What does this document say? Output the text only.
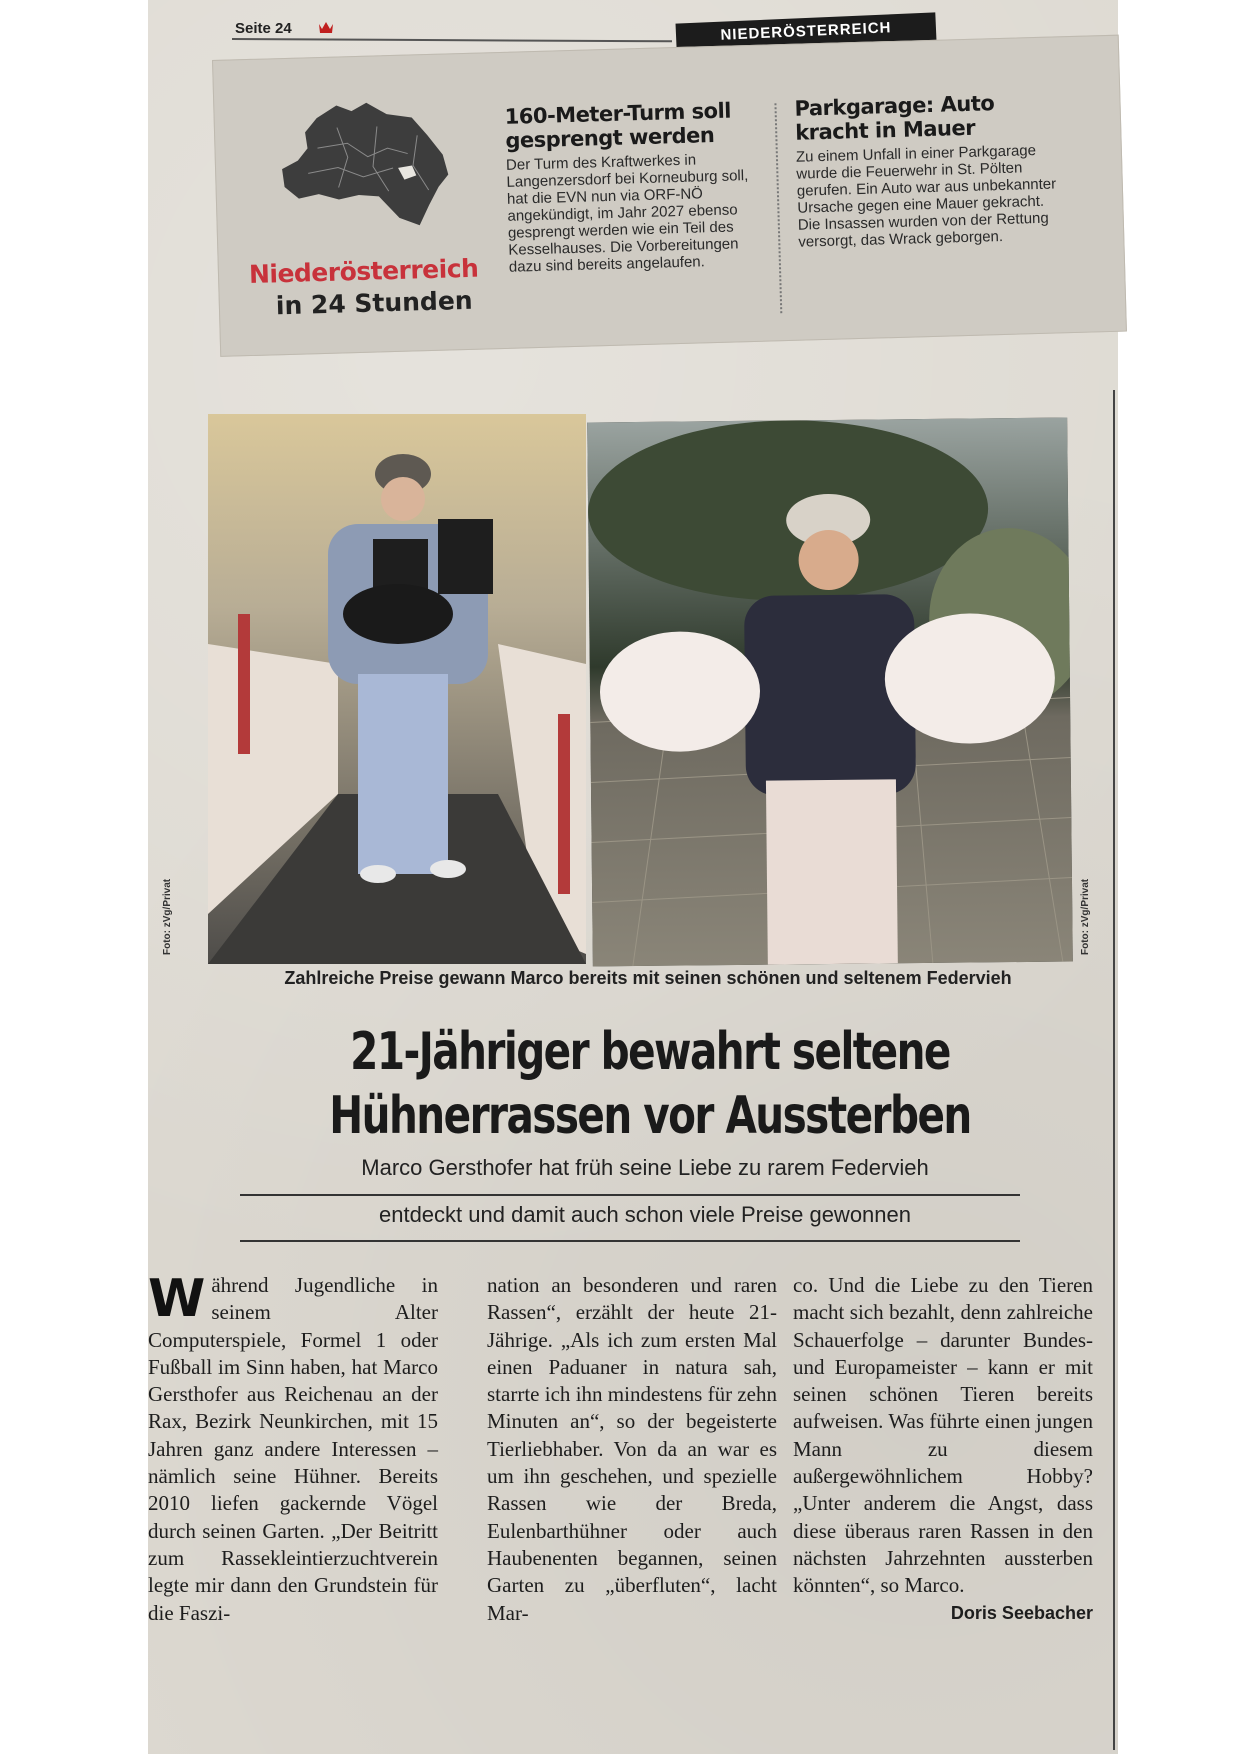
Seite 24	NIEDERÖSTERREICH
Niederösterreich
in 24 Stunden
160-Meter-Turm soll gesprengt werden

Der Turm des Kraftwerkes in Langenzersdorf bei Korneuburg soll, hat die EVN nun via ORF-NÖ angekündigt, im Jahr 2027 ebenso gesprengt werden wie ein Teil des Kesselhauses. Die Vorbereitungen dazu sind bereits angelaufen.

Parkgarage: Auto kracht in Mauer

Zu einem Unfall in einer Parkgarage wurde die Feuerwehr in St. Pölten gerufen. Ein Auto war aus unbekannter Ursache gegen eine Mauer gekracht. Die Insassen wurden von der Rettung versorgt, das Wrack geborgen.

Foto: zVg/Privat	Foto: zVg/Privat
Zahlreiche Preise gewann Marco bereits mit seinen schönen und seltenem Federvieh
21-Jähriger bewahrt seltene
Hühnerrassen vor Aussterben
Marco Gersthofer hat früh seine Liebe zu rarem Federvieh
entdeckt und damit auch schon viele Preise gewonnen
W ährend Jugendliche in seinem Alter Computerspiele, Formel 1 oder Fußball im Sinn haben, hat Marco Gersthofer aus Reichenau an der Rax, Bezirk Neunkirchen, mit 15 Jahren ganz andere Interessen – nämlich seine Hühner. Bereits 2010 liefen gackernde Vögel durch seinen Garten. „Der Beitritt zum Rassekleintierzuchtverein legte mir dann den Grundstein für die Faszi-

nation an besonderen und raren Rassen“, erzählt der heute 21-Jährige. „Als ich zum ersten Mal einen Paduaner in natura sah, starrte ich ihn mindestens für zehn Minuten an“, so der begeisterte Tierliebhaber. Von da an war es um ihn geschehen, und spezielle Rassen wie der Breda, Eulenbarthühner oder auch Haubenenten begannen, seinen Garten zu „überfluten“, lacht Mar-

co. Und die Liebe zu den Tieren macht sich bezahlt, denn zahlreiche Schauerfolge – darunter Bundes- und Europameister – kann er mit seinen schönen Tieren bereits aufweisen. Was führte einen jungen Mann zu diesem außergewöhnlichem Hobby? „Unter anderem die Angst, dass diese überaus raren Rassen in den nächsten Jahrzehnten aussterben könnten“, so Marco.

Doris Seebacher
